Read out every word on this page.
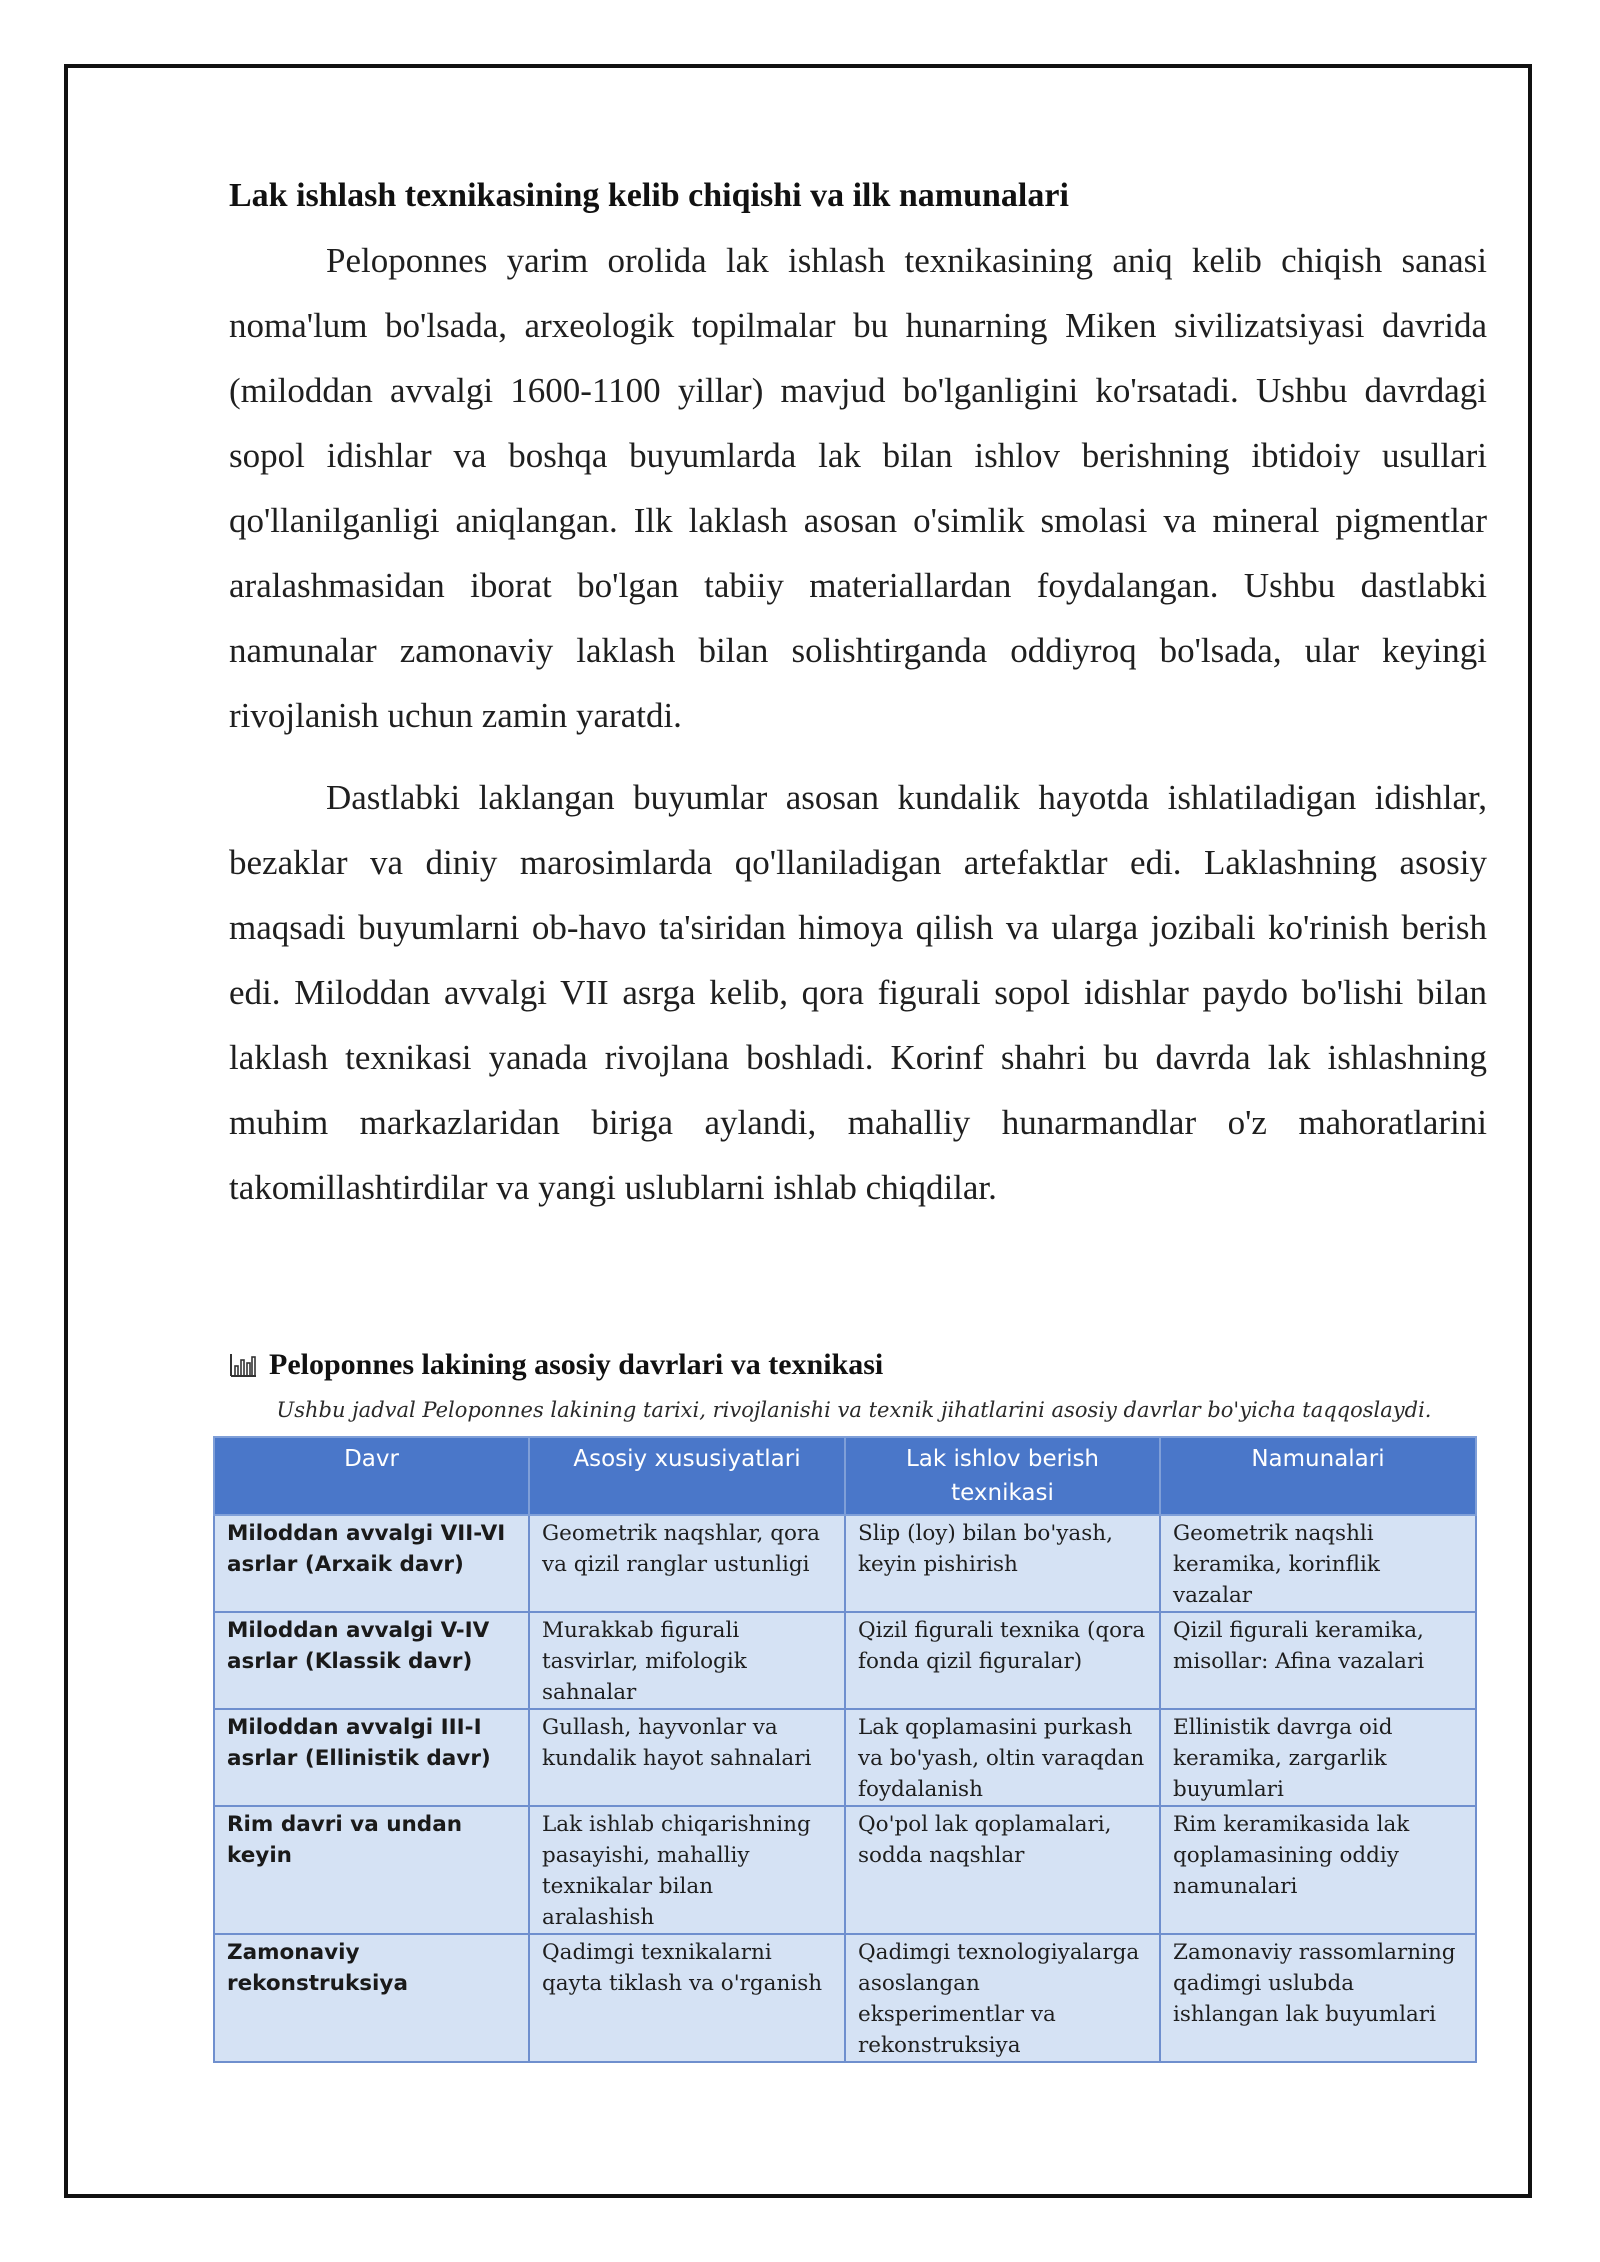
Lak ishlash texnikasining kelib chiqishi va ilk namunalari

Peloponnes yarim orolida lak ishlash texnikasining aniq kelib chiqish sanasi noma'lum bo'lsada, arxeologik topilmalar bu hunarning Miken sivilizatsiyasi davrida (miloddan avvalgi 1600-1100 yillar) mavjud bo'lganligini ko'rsatadi. Ushbu davrdagi sopol idishlar va boshqa buyumlarda lak bilan ishlov berishning ibtidoiy usullari qo'llanilganligi aniqlangan. Ilk laklash asosan o'simlik smolasi va mineral pigmentlar aralashmasidan iborat bo'lgan tabiiy materiallardan foydalangan. Ushbu dastlabki namunalar zamonaviy laklash bilan solishtirganda oddiyroq bo'lsada, ular keyingi rivojlanish uchun zamin yaratdi.

Dastlabki laklangan buyumlar asosan kundalik hayotda ishlatiladigan idishlar, bezaklar va diniy marosimlarda qo'llaniladigan artefaktlar edi. Laklashning asosiy maqsadi buyumlarni ob-havo ta'siridan himoya qilish va ularga jozibali ko'rinish berish edi. Miloddan avvalgi VII asrga kelib, qora figurali sopol idishlar paydo bo'lishi bilan laklash texnikasi yanada rivojlana boshladi. Korinf shahri bu davrda lak ishlashning muhim markazlaridan biriga aylandi, mahalliy hunarmandlar o'z mahoratlarini takomillashtirdilar va yangi uslublarni ishlab chiqdilar.

Peloponnes lakining asosiy davrlari va texnikasi
Ushbu jadval Peloponnes lakining tarixi, rivojlanishi va texnik jihatlarini asosiy davrlar bo'yicha taqqoslaydi.
Davr	Asosiy xususiyatlari	Lak ishlov berish texnikasi	Namunalari
Miloddan avvalgi VII-VI asrlar (Arxaik davr)	Geometrik naqshlar, qora va qizil ranglar ustunligi	Slip (loy) bilan bo'yash, keyin pishirish	Geometrik naqshli keramika, korinflik vazalar
Miloddan avvalgi V-IV asrlar (Klassik davr)	Murakkab figurali tasvirlar, mifologik sahnalar	Qizil figurali texnika (qora fonda qizil figuralar)	Qizil figurali keramika, misollar: Afina vazalari
Miloddan avvalgi III-I asrlar (Ellinistik davr)	Gullash, hayvonlar va kundalik hayot sahnalari	Lak qoplamasini purkash va bo'yash, oltin varaqdan foydalanish	Ellinistik davrga oid keramika, zargarlik buyumlari
Rim davri va undan keyin	Lak ishlab chiqarishning pasayishi, mahalliy texnikalar bilan aralashish	Qo'pol lak qoplamalari, sodda naqshlar	Rim keramikasida lak qoplamasining oddiy namunalari
Zamonaviy rekonstruksiya	Qadimgi texnikalarni qayta tiklash va o'rganish	Qadimgi texnologiyalarga asoslangan eksperimentlar va rekonstruksiya	Zamonaviy rassomlarning qadimgi uslubda ishlangan lak buyumlari
